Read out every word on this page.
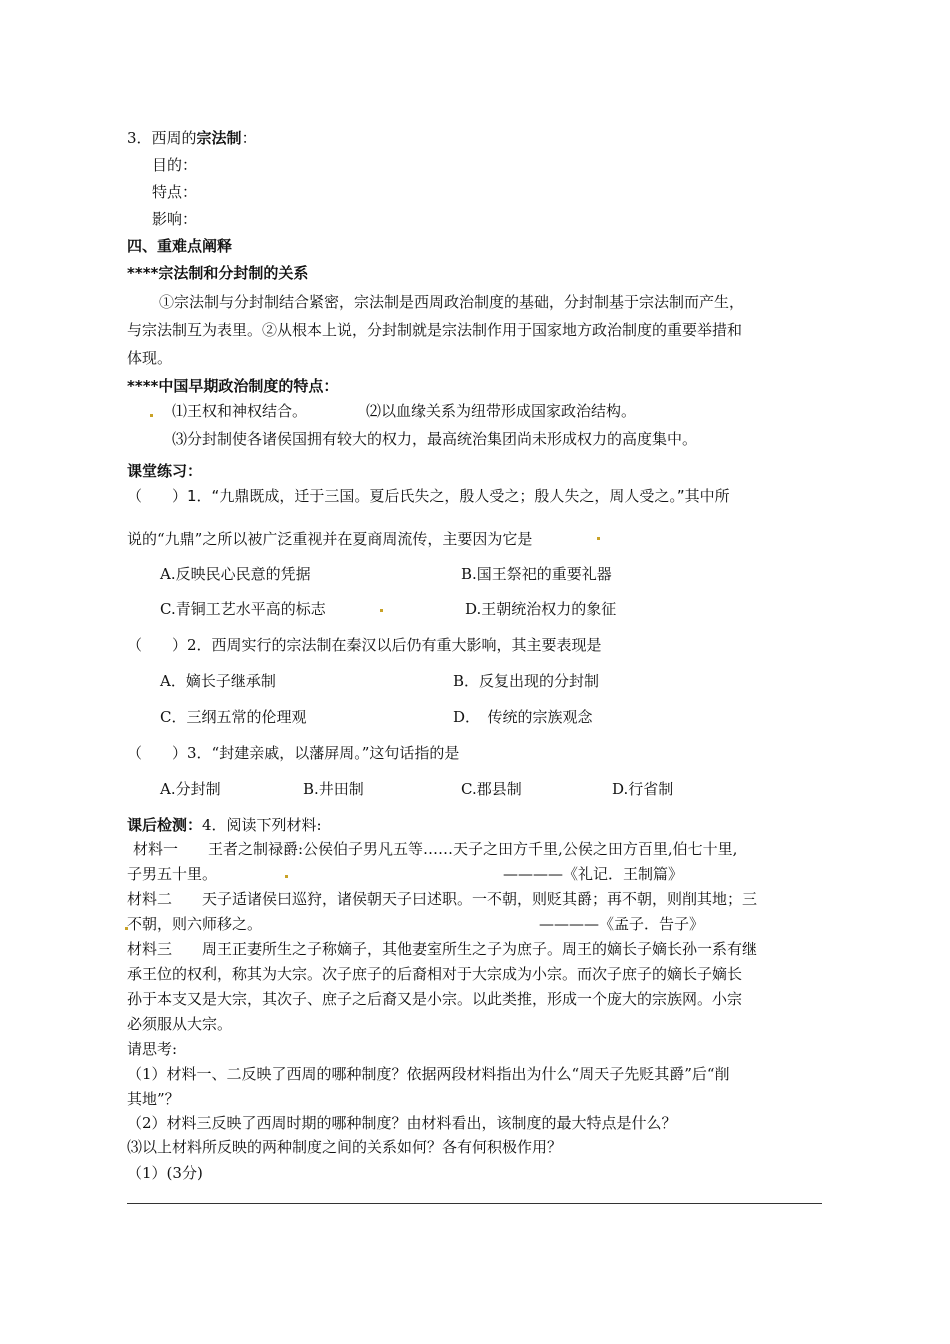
3．西周的宗法制：
目的：
特点：
影响：
四、重难点阐释
****宗法制和分封制的关系
①宗法制与分封制结合紧密，宗法制是西周政治制度的基础，分封制基于宗法制而产生，
与宗法制互为表里。②从根本上说，分封制就是宗法制作用于国家地方政治制度的重要举措和
体现。
****中国早期政治制度的特点：
⑴王权和神权结合。	⑵以血缘关系为纽带形成国家政治结构。
⑶分封制使各诸侯国拥有较大的权力，最高统治集团尚未形成权力的高度集中。
课堂练习：
（　　）1．“九鼎既成，迁于三国。夏后氏失之，殷人受之；殷人失之，周人受之。”其中所
说的“九鼎”之所以被广泛重视并在夏商周流传，主要因为它是
A.反映民心民意的凭据	B.国王祭祀的重要礼器
C.青铜工艺水平高的标志	D.王朝统治权力的象征
（　　）2．西周实行的宗法制在秦汉以后仍有重大影响，其主要表现是
A．嫡长子继承制	B．反复出现的分封制
C．三纲五常的伦理观	D．　传统的宗族观念
（　　）3．“封建亲戚，以藩屏周。”这句话指的是
A.分封制	B.井田制	C.郡县制	D.行省制
课后检测：4．阅读下列材料:
材料一　　王者之制禄爵:公侯伯子男凡五等……天子之田方千里,公侯之田方百里,伯七十里,
子男五十里。	————《礼记．王制篇》
材料二　　天子适诸侯曰巡狩，诸侯朝天子曰述职。一不朝，则贬其爵；再不朝，则削其地；三
不朝，则六师移之。	————《孟子．告子》
材料三　　周王正妻所生之子称嫡子，其他妻室所生之子为庶子。周王的嫡长子嫡长孙一系有继
承王位的权利，称其为大宗。次子庶子的后裔相对于大宗成为小宗。而次子庶子的嫡长子嫡长
孙于本支又是大宗，其次子、庶子之后裔又是小宗。以此类推，形成一个庞大的宗族网。小宗
必须服从大宗。
请思考:
（1）材料一、二反映了西周的哪种制度？依据两段材料指出为什么“周天子先贬其爵”后“削
其地”？
（2）材料三反映了西周时期的哪种制度？由材料看出，该制度的最大特点是什么？
⑶以上材料所反映的两种制度之间的关系如何？各有何积极作用？
（1）(3分)
